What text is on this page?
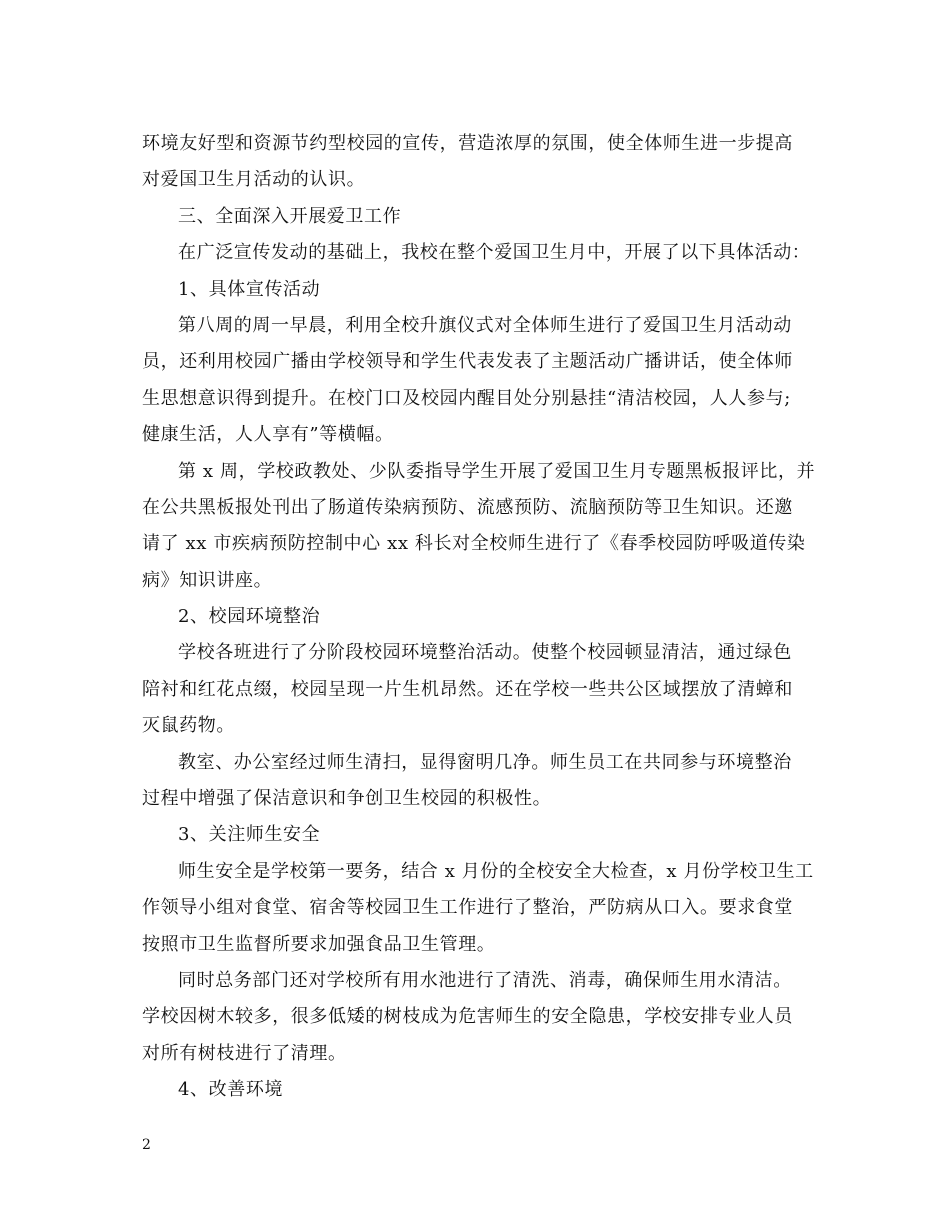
环境友好型和资源节约型校园的宣传，营造浓厚的氛围，使全体师生进一步提高
对爱国卫生月活动的认识。
三、全面深入开展爱卫工作
在广泛宣传发动的基础上，我校在整个爱国卫生月中，开展了以下具体活动：
1、具体宣传活动
第八周的周一早晨，利用全校升旗仪式对全体师生进行了爱国卫生月活动动
员，还利用校园广播由学校领导和学生代表发表了主题活动广播讲话，使全体师
生思想意识得到提升。在校门口及校园内醒目处分别悬挂“清洁校园，人人参与;
健康生活，人人享有”等横幅。
第 x 周，学校政教处、少队委指导学生开展了爱国卫生月专题黑板报评比，并
在公共黑板报处刊出了肠道传染病预防、流感预防、流脑预防等卫生知识。还邀
请了 xx 市疾病预防控制中心 xx 科长对全校师生进行了《春季校园防呼吸道传染
病》知识讲座。
2、校园环境整治
学校各班进行了分阶段校园环境整治活动。使整个校园顿显清洁，通过绿色
陪衬和红花点缀，校园呈现一片生机昂然。还在学校一些共公区域摆放了清蟑和
灭鼠药物。
教室、办公室经过师生清扫，显得窗明几净。师生员工在共同参与环境整治
过程中增强了保洁意识和争创卫生校园的积极性。
3、关注师生安全
师生安全是学校第一要务，结合 x 月份的全校安全大检查，x 月份学校卫生工
作领导小组对食堂、宿舍等校园卫生工作进行了整治，严防病从口入。要求食堂
按照市卫生监督所要求加强食品卫生管理。
同时总务部门还对学校所有用水池进行了清洗、消毒，确保师生用水清洁。
学校因树木较多，很多低矮的树枝成为危害师生的安全隐患，学校安排专业人员
对所有树枝进行了清理。
4、改善环境
2
